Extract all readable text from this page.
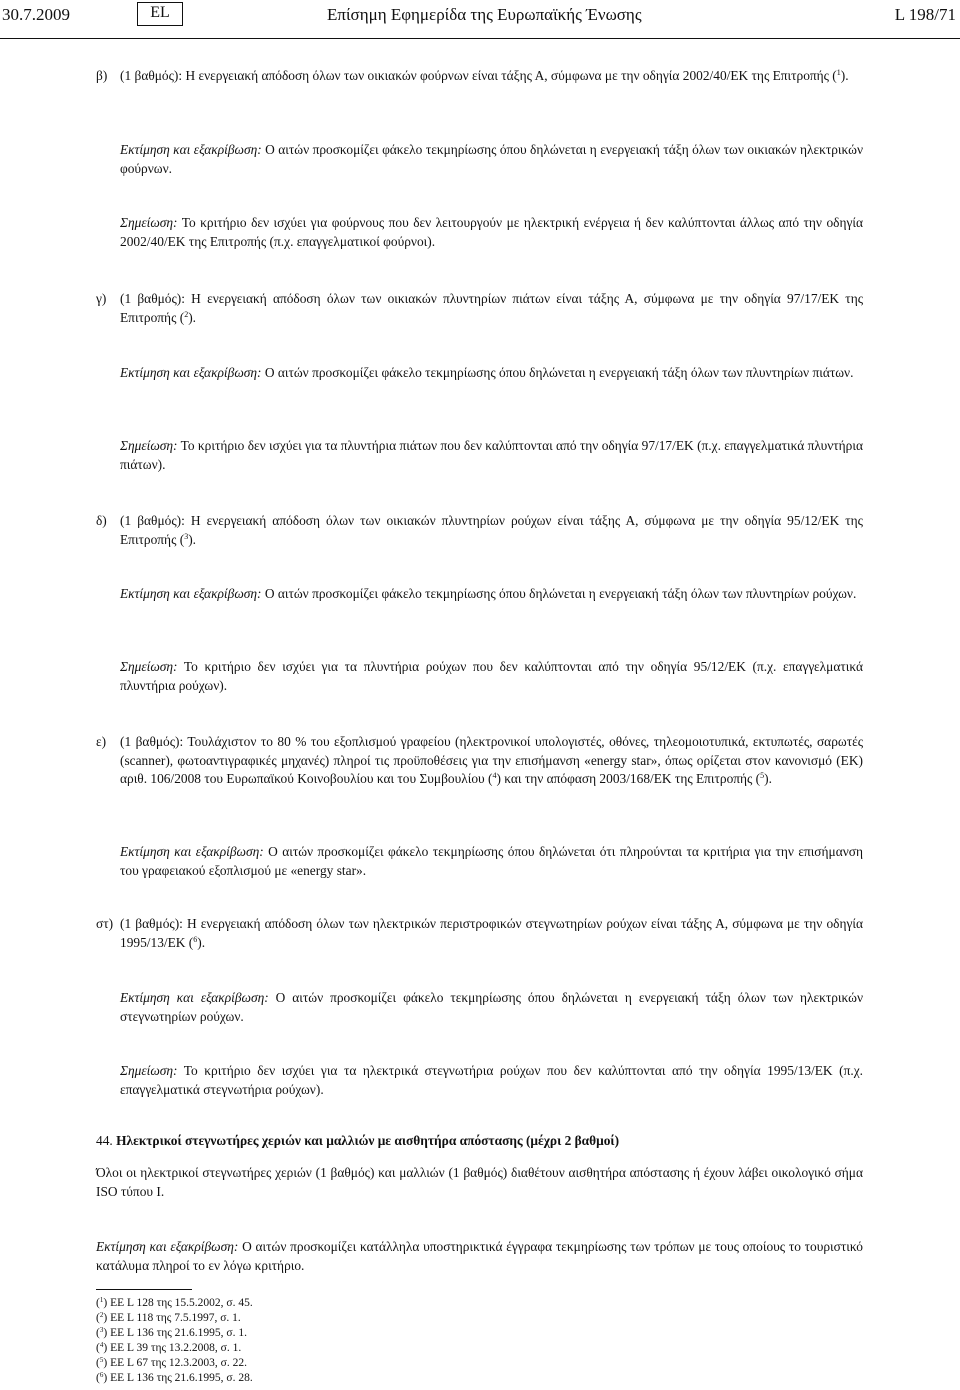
30.7.2009	EL	Επίσημη Εφημερίδα της Ευρωπαϊκής Ένωσης	L 198/71
β) (1 βαθμός): Η ενεργειακή απόδοση όλων των οικιακών φούρνων είναι τάξης Α, σύμφωνα με την οδηγία 2002/40/ΕΚ της Επιτροπής ($^1$).
Εκτίμηση και εξακρίβωση: Ο αιτών προσκομίζει φάκελο τεκμηρίωσης όπου δηλώνεται η ενεργειακή τάξη όλων των οικιακών ηλεκτρικών φούρνων.
Σημείωση: Το κριτήριο δεν ισχύει για φούρνους που δεν λειτουργούν με ηλεκτρική ενέργεια ή δεν καλύπτονται άλλως από την οδηγία 2002/40/ΕΚ της Επιτροπής (π.χ. επαγγελματικοί φούρνοι).
γ) (1 βαθμός): Η ενεργειακή απόδοση όλων των οικιακών πλυντηρίων πιάτων είναι τάξης Α, σύμφωνα με την οδηγία 97/17/ΕΚ της Επιτροπής ($^2$).
Εκτίμηση και εξακρίβωση: Ο αιτών προσκομίζει φάκελο τεκμηρίωσης όπου δηλώνεται η ενεργειακή τάξη όλων των πλυντηρίων πιάτων.
Σημείωση: Το κριτήριο δεν ισχύει για τα πλυντήρια πιάτων που δεν καλύπτονται από την οδηγία 97/17/ΕΚ (π.χ. επαγγελματικά πλυντήρια πιάτων).
δ) (1 βαθμός): Η ενεργειακή απόδοση όλων των οικιακών πλυντηρίων ρούχων είναι τάξης Α, σύμφωνα με την οδηγία 95/12/ΕΚ της Επιτροπής ($^3$).
Εκτίμηση και εξακρίβωση: Ο αιτών προσκομίζει φάκελο τεκμηρίωσης όπου δηλώνεται η ενεργειακή τάξη όλων των πλυντηρίων ρούχων.
Σημείωση: Το κριτήριο δεν ισχύει για τα πλυντήρια ρούχων που δεν καλύπτονται από την οδηγία 95/12/ΕΚ (π.χ. επαγγελματικά πλυντήρια ρούχων).
ε) (1 βαθμός): Τουλάχιστον το 80 % του εξοπλισμού γραφείου (ηλεκτρονικοί υπολογιστές, οθόνες, τηλεομοιοτυπικά, εκτυπωτές, σαρωτές (scanner), φωτοαντιγραφικές μηχανές) πληροί τις προϋποθέσεις για την επισήμανση «energy star», όπως ορίζεται στον κανονισμό (ΕΚ) αριθ. 106/2008 του Ευρωπαϊκού Κοινοβουλίου και του Συμβουλίου ($^4$) και την απόφαση 2003/168/ΕΚ της Επιτροπής ($^5$).
Εκτίμηση και εξακρίβωση: Ο αιτών προσκομίζει φάκελο τεκμηρίωσης όπου δηλώνεται ότι πληρούνται τα κριτήρια για την επισήμανση του γραφειακού εξοπλισμού με «energy star».
στ) (1 βαθμός): Η ενεργειακή απόδοση όλων των ηλεκτρικών περιστροφικών στεγνωτηρίων ρούχων είναι τάξης Α, σύμφωνα με την οδηγία 1995/13/ΕΚ ($^6$).
Εκτίμηση και εξακρίβωση: Ο αιτών προσκομίζει φάκελο τεκμηρίωσης όπου δηλώνεται η ενεργειακή τάξη όλων των ηλεκτρικών στεγνωτηρίων ρούχων.
Σημείωση: Το κριτήριο δεν ισχύει για τα ηλεκτρικά στεγνωτήρια ρούχων που δεν καλύπτονται από την οδηγία 1995/13/ΕΚ (π.χ. επαγγελματικά στεγνωτήρια ρούχων).
44. Ηλεκτρικοί στεγνωτήρες χεριών και μαλλιών με αισθητήρα απόστασης (μέχρι 2 βαθμοί)
Όλοι οι ηλεκτρικοί στεγνωτήρες χεριών (1 βαθμός) και μαλλιών (1 βαθμός) διαθέτουν αισθητήρα απόστασης ή έχουν λάβει οικολογικό σήμα ISO τύπου I.
Εκτίμηση και εξακρίβωση: Ο αιτών προσκομίζει κατάλληλα υποστηρικτικά έγγραφα τεκμηρίωσης των τρόπων με τους οποίους το τουριστικό κατάλυμα πληροί το εν λόγω κριτήριο.
($^1$) ΕΕ L 128 της 15.5.2002, σ. 45.
($^2$) ΕΕ L 118 της 7.5.1997, σ. 1.
($^3$) ΕΕ L 136 της 21.6.1995, σ. 1.
($^4$) ΕΕ L 39 της 13.2.2008, σ. 1.
($^5$) ΕΕ L 67 της 12.3.2003, σ. 22.
($^6$) ΕΕ L 136 της 21.6.1995, σ. 28.
